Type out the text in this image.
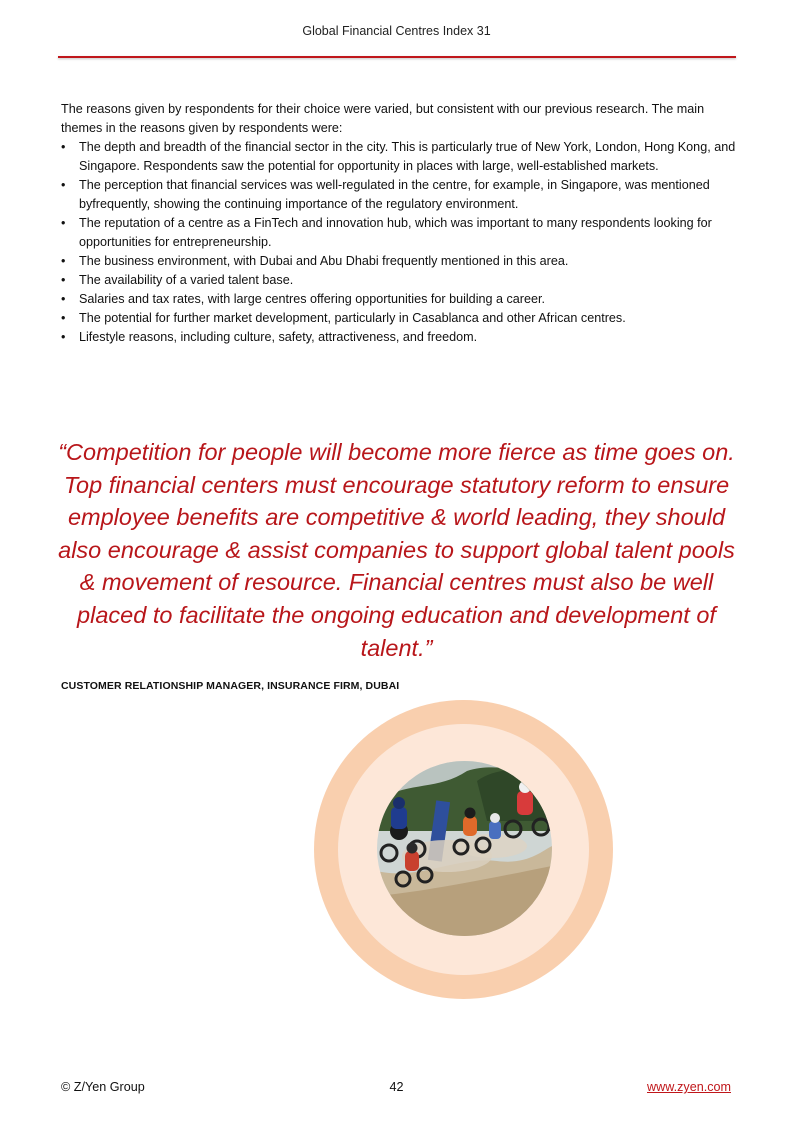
Global Financial Centres Index 31

The reasons given by respondents for their choice were varied, but consistent with our previous research. The main themes in the reasons given by respondents were:

• The depth and breadth of the financial sector in the city. This is particularly true of New York, London, Hong Kong, and Singapore. Respondents saw the potential for opportunity in places with large, well-established markets.
• The perception that financial services was well-regulated in the centre, for example, in Singapore, was mentioned byfrequently, showing the continuing importance of the regulatory environment.
• The reputation of a centre as a FinTech and innovation hub, which was important to many respondents looking for opportunities for entrepreneurship.
• The business environment, with Dubai and Abu Dhabi frequently mentioned in this area.
• The availability of a varied talent base.
• Salaries and tax rates, with large centres offering opportunities for building a career.
• The potential for further market development, particularly in Casablanca and other African centres.
• Lifestyle reasons, including culture, safety, attractiveness, and freedom.
“Competition for people will become more fierce as time goes on. Top financial centers must encourage statutory reform to ensure employee benefits are competitive & world leading, they should also encourage & assist companies to support global talent pools & movement of resource. Financial centres must also be well placed to facilitate the ongoing education and development of talent.”
CUSTOMER RELATIONSHIP MANAGER, INSURANCE FIRM, DUBAI
© Z/Yen Group	42	www.zyen.com
